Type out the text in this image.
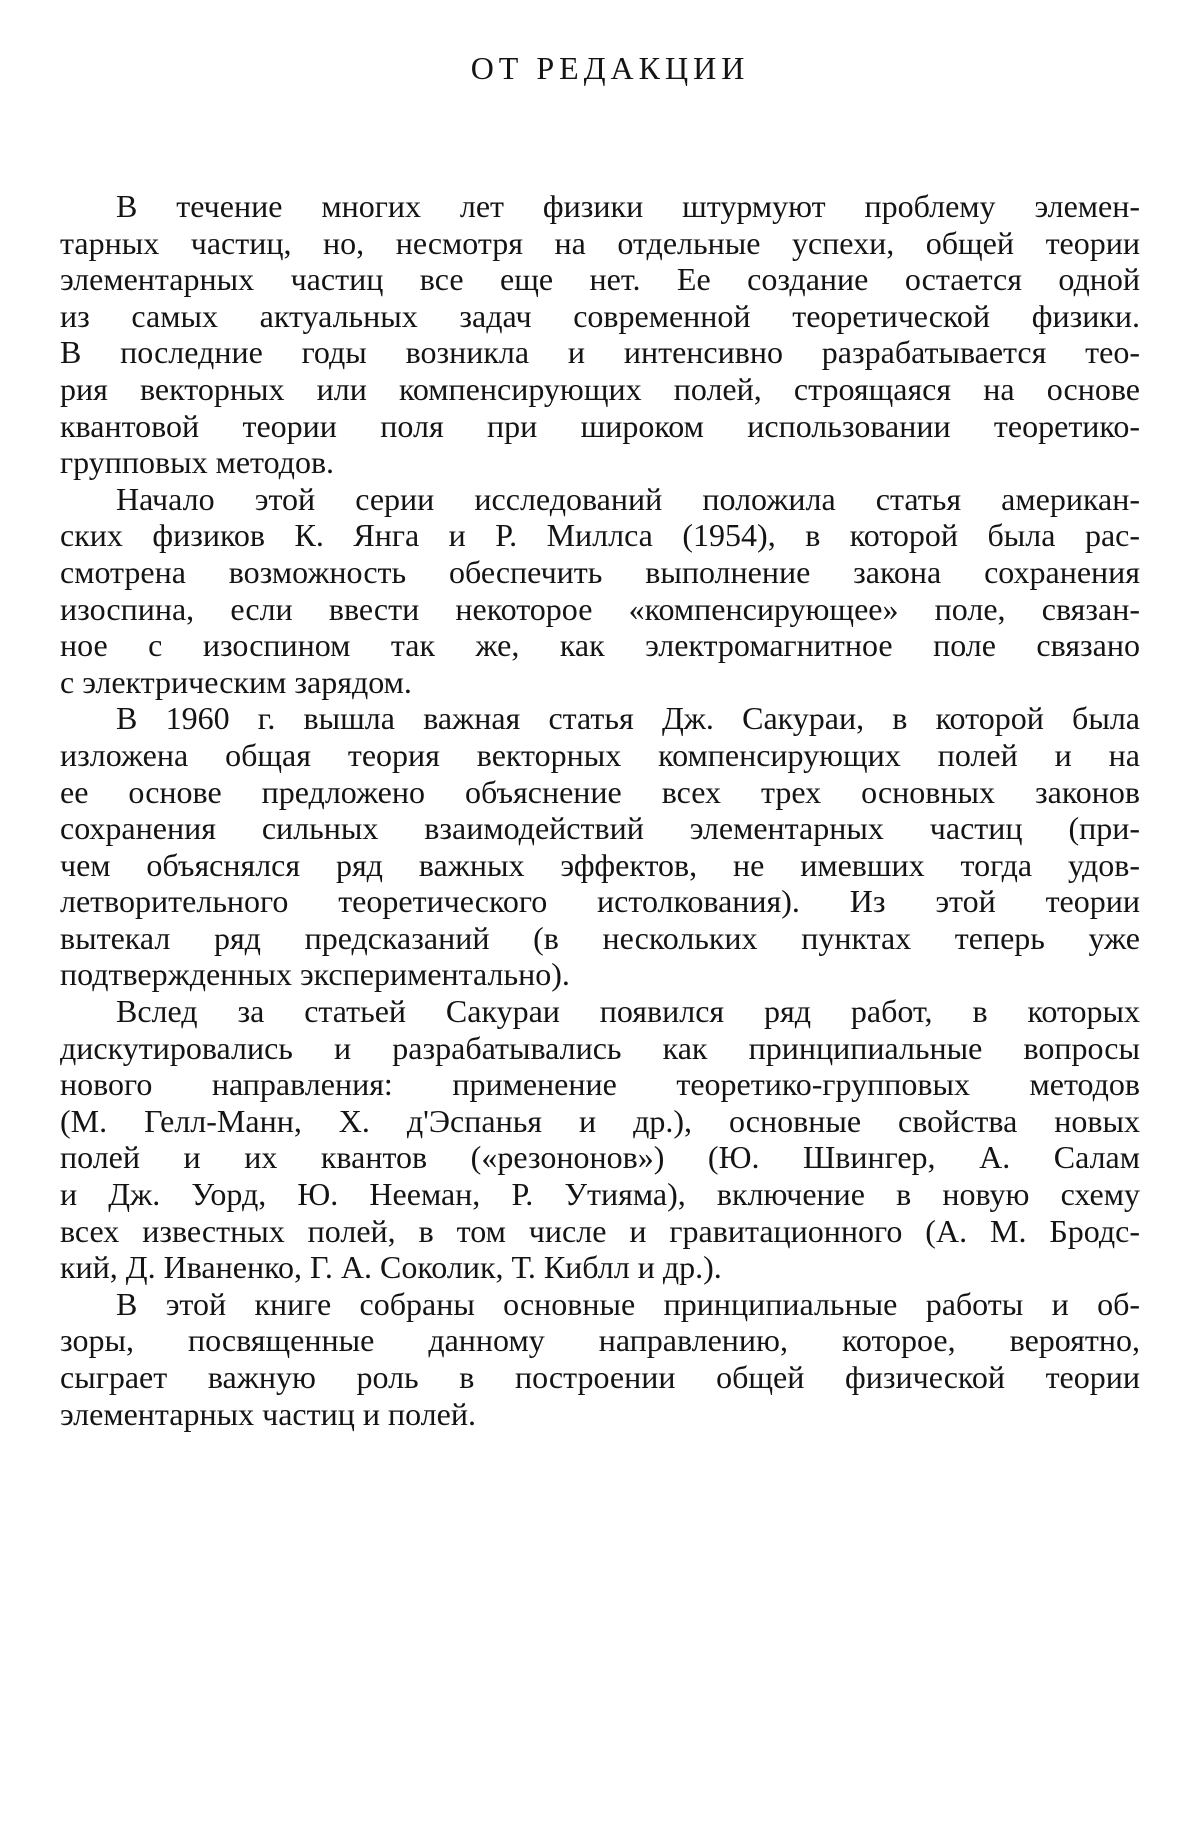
ОТ РЕДАКЦИИ
В течение многих лет физики штурмуют проблему элемен-
тарных частиц, но, несмотря на отдельные успехи, общей теории
элементарных частиц все еще нет. Ее создание остается одной
из самых актуальных задач современной теоретической физики.
В последние годы возникла и интенсивно разрабатывается тео-
рия векторных или компенсирующих полей, строящаяся на основе
квантовой теории поля при широком использовании теоретико-
групповых методов.
Начало этой серии исследований положила статья американ-
ских физиков К. Янга и Р. Миллса (1954), в которой была рас-
смотрена возможность обеспечить выполнение закона сохранения
изоспина, если ввести некоторое «компенсирующее» поле, связан-
ное с изоспином так же, как электромагнитное поле связано
с электрическим зарядом.
В 1960 г. вышла важная статья Дж. Сакураи, в которой была
изложена общая теория векторных компенсирующих полей и на
ее основе предложено объяснение всех трех основных законов
сохранения сильных взаимодействий элементарных частиц (при-
чем объяснялся ряд важных эффектов, не имевших тогда удов-
летворительного теоретического истолкования). Из этой теории
вытекал ряд предсказаний (в нескольких пунктах теперь уже
подтвержденных экспериментально).
Вслед за статьей Сакураи появился ряд работ, в которых
дискутировались и разрабатывались как принципиальные вопросы
нового направления: применение теоретико-групповых методов
(М. Гелл-Манн, Х. д'Эспанья и др.), основные свойства новых
полей и их квантов («резононов») (Ю. Швингер, А. Салам
и Дж. Уорд, Ю. Нееман, Р. Утияма), включение в новую схему
всех известных полей, в том числе и гравитационного (А. М. Бродс-
кий, Д. Иваненко, Г. А. Соколик, Т. Киблл и др.).
В этой книге собраны основные принципиальные работы и об-
зоры, посвященные данному направлению, которое, вероятно,
сыграет важную роль в построении общей физической теории
элементарных частиц и полей.
